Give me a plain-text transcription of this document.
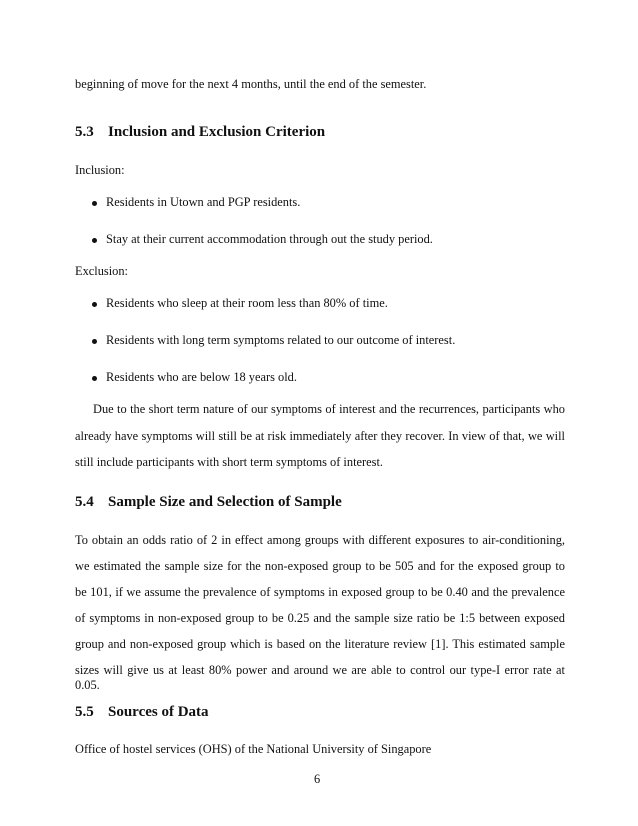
beginning of move for the next 4 months, until the end of the semester.
5.3 Inclusion and Exclusion Criterion
Inclusion:
Residents in Utown and PGP residents.
Stay at their current accommodation through out the study period.
Exclusion:
Residents who sleep at their room less than 80% of time.
Residents with long term symptoms related to our outcome of interest.
Residents who are below 18 years old.
Due to the short term nature of our symptoms of interest and the recurrences, participants who
already have symptoms will still be at risk immediately after they recover. In view of that, we will
still include participants with short term symptoms of interest.
5.4 Sample Size and Selection of Sample
To obtain an odds ratio of 2 in effect among groups with different exposures to air-conditioning,
we estimated the sample size for the non-exposed group to be 505 and for the exposed group to
be 101, if we assume the prevalence of symptoms in exposed group to be 0.40 and the prevalence
of symptoms in non-exposed group to be 0.25 and the sample size ratio be 1:5 between exposed
group and non-exposed group which is based on the literature review [1]. This estimated sample
sizes will give us at least 80% power and around we are able to control our type-I error rate at 0.05.
5.5 Sources of Data
Office of hostel services (OHS) of the National University of Singapore
6
